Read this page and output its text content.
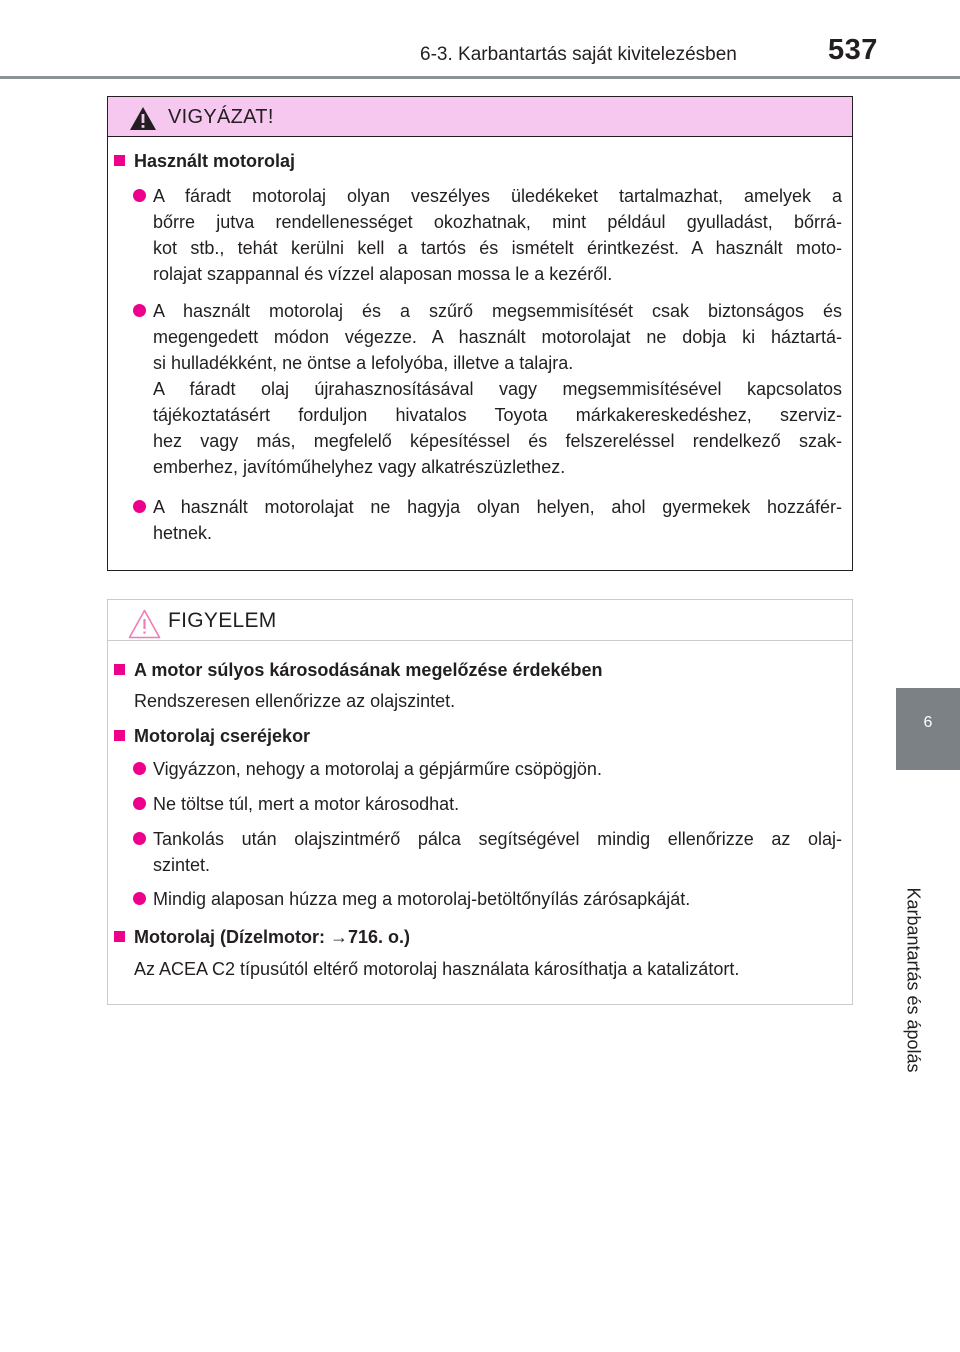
6-3. Karbantartás saját kivitelezésben	537
6
Karbantartás és ápolás
VIGYÁZAT!
Használt motorolaj
A fáradt motorolaj olyan veszélyes üledékeket tartalmazhat, amelyek a
bőrre jutva rendellenességet okozhatnak, mint például gyulladást, bőrrá-
kot stb., tehát kerülni kell a tartós és ismételt érintkezést. A használt moto-
rolajat szappannal és vízzel alaposan mossa le a kezéről.
A használt motorolaj és a szűrő megsemmisítését csak biztonságos és
megengedett módon végezze. A használt motorolajat ne dobja ki háztartá-
si hulladékként, ne öntse a lefolyóba, illetve a talajra.
A fáradt olaj újrahasznosításával vagy megsemmisítésével kapcsolatos
tájékoztatásért forduljon hivatalos Toyota márkakereskedéshez, szerviz-
hez vagy más, megfelelő képesítéssel és felszereléssel rendelkező szak-
emberhez, javítóműhelyhez vagy alkatrészüzlethez.
A használt motorolajat ne hagyja olyan helyen, ahol gyermekek hozzáfér-
hetnek.
FIGYELEM
A motor súlyos károsodásának megelőzése érdekében
Rendszeresen ellenőrizze az olajszintet.
Motorolaj cseréjekor
Vigyázzon, nehogy a motorolaj a gépjárműre csöpögjön.
Ne töltse túl, mert a motor károsodhat.
Tankolás után olajszintmérő pálca segítségével mindig ellenőrizze az olaj-
szintet.
Mindig alaposan húzza meg a motorolaj-betöltőnyílás zárósapkáját.
Motorolaj (Dízelmotor: →716. o.)
Az ACEA C2 típusútól eltérő motorolaj használata károsíthatja a katalizátort.
